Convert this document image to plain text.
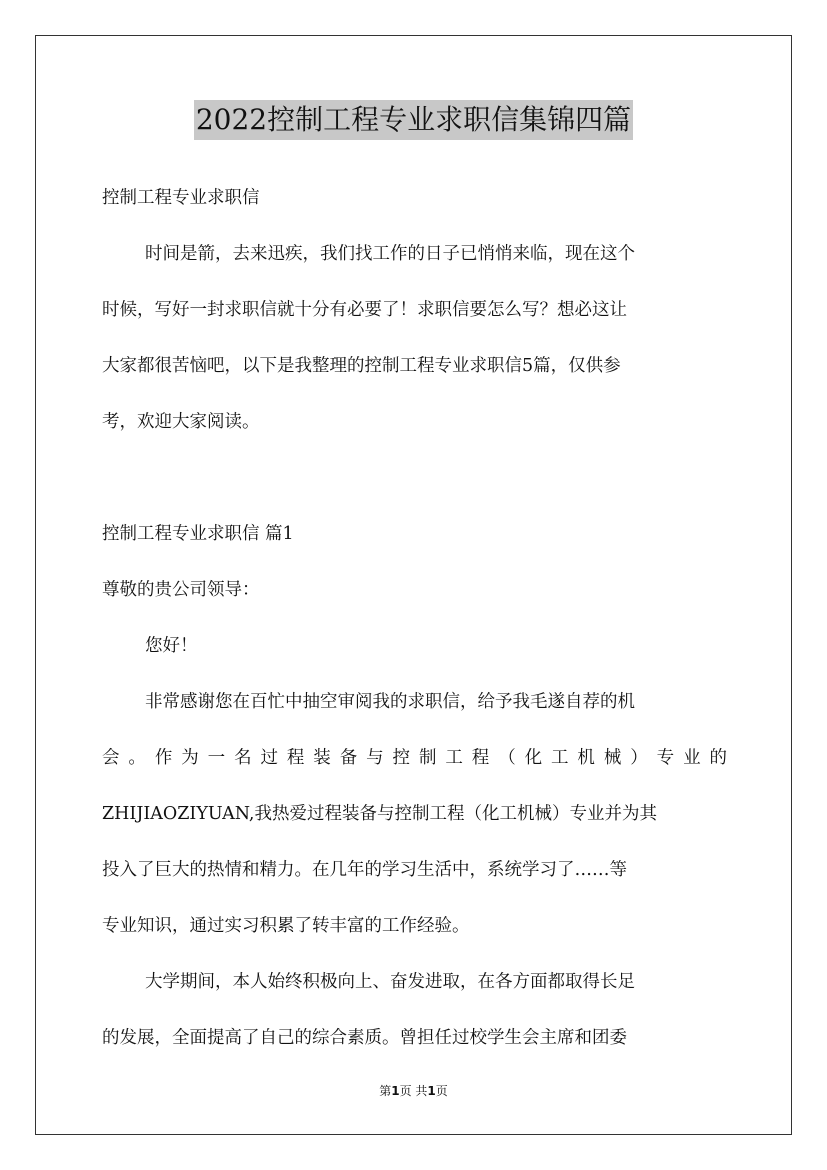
2022控制工程专业求职信集锦四篇

控制工程专业求职信

时间是箭，去来迅疾，我们找工作的日子已悄悄来临，现在这个

时候，写好一封求职信就十分有必要了！求职信要怎么写？想必这让

大家都很苦恼吧，以下是我整理的控制工程专业求职信5篇，仅供参

考，欢迎大家阅读。

控制工程专业求职信 篇1

尊敬的贵公司领导：

您好！

非常感谢您在百忙中抽空审阅我的求职信，给予我毛遂自荐的机

会。作为一名过程装备与控制工程（化工机械）专业的

ZHIJIAOZIYUAN,我热爱过程装备与控制工程（化工机械）专业并为其

投入了巨大的热情和精力。在几年的学习生活中，系统学习了……等

专业知识，通过实习积累了转丰富的工作经验。

大学期间，本人始终积极向上、奋发进取，在各方面都取得长足

的发展，全面提高了自己的综合素质。曾担任过校学生会主席和团委

第1页 共1页
